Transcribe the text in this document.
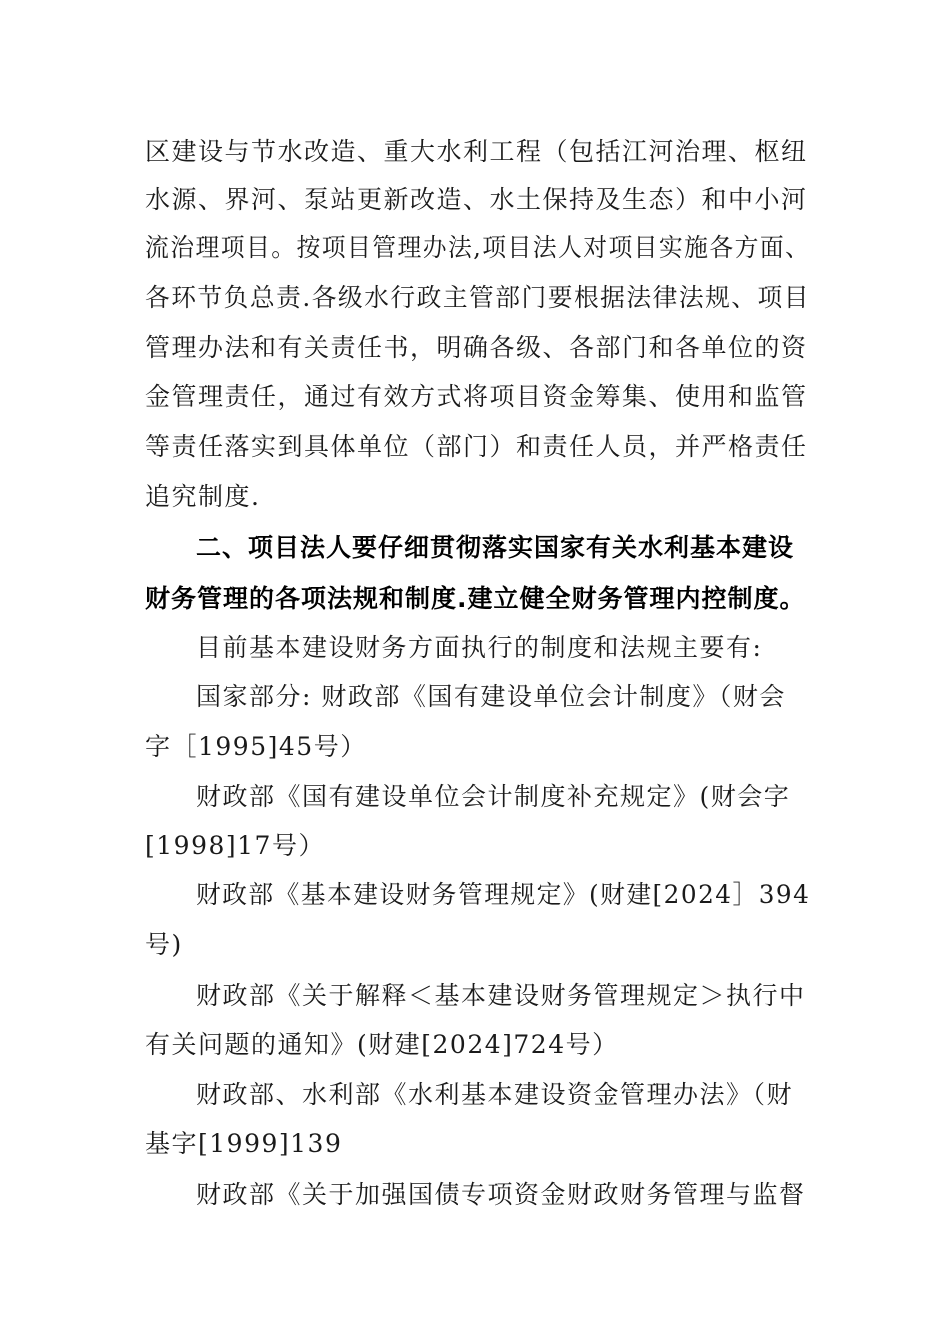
区建设与节水改造、重大水利工程（包括江河治理、枢纽
水源、界河、泵站更新改造、水土保持及生态）和中小河
流治理项目。按项目管理办法,项目法人对项目实施各方面、
各环节负总责.各级水行政主管部门要根据法律法规、项目
管理办法和有关责任书，明确各级、各部门和各单位的资
金管理责任，通过有效方式将项目资金筹集、使用和监管
等责任落实到具体单位（部门）和责任人员，并严格责任
追究制度.
二、项目法人要仔细贯彻落实国家有关水利基本建设
财务管理的各项法规和制度.建立健全财务管理内控制度。
目前基本建设财务方面执行的制度和法规主要有:
国家部分: 财政部《国有建设单位会计制度》（财会
字［1995]45号）
财政部《国有建设单位会计制度补充规定》(财会字
[1998]17号）
财政部《基本建设财务管理规定》(财建[2024］394
号)
财政部《关于解释＜基本建设财务管理规定＞执行中
有关问题的通知》(财建[2024]724号）
财政部、水利部《水利基本建设资金管理办法》（财
基字[1999]139
财政部《关于加强国债专项资金财政财务管理与监督
